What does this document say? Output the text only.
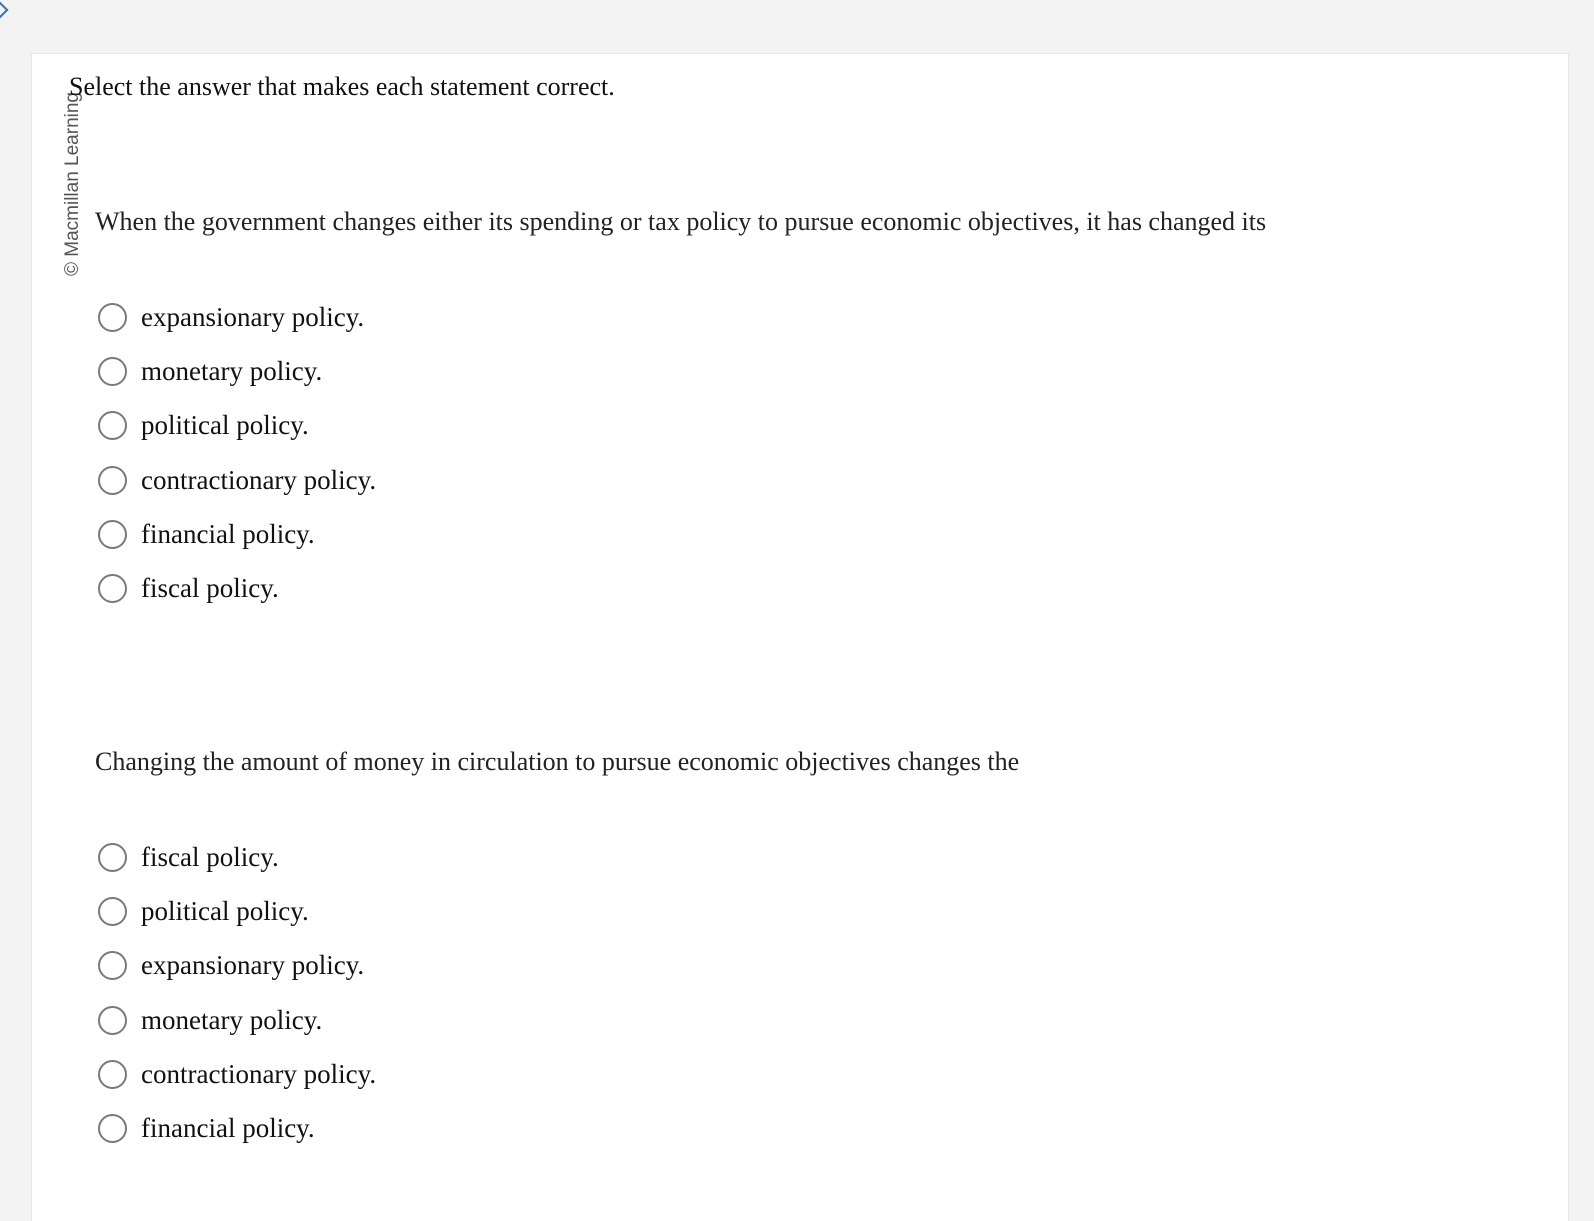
© Macmillan Learning
Select the answer that makes each statement correct.
When the government changes either its spending or tax policy to pursue economic objectives, it has changed its
expansionary policy.
monetary policy.
political policy.
contractionary policy.
financial policy.
fiscal policy.
Changing the amount of money in circulation to pursue economic objectives changes the
fiscal policy.
political policy.
expansionary policy.
monetary policy.
contractionary policy.
financial policy.
